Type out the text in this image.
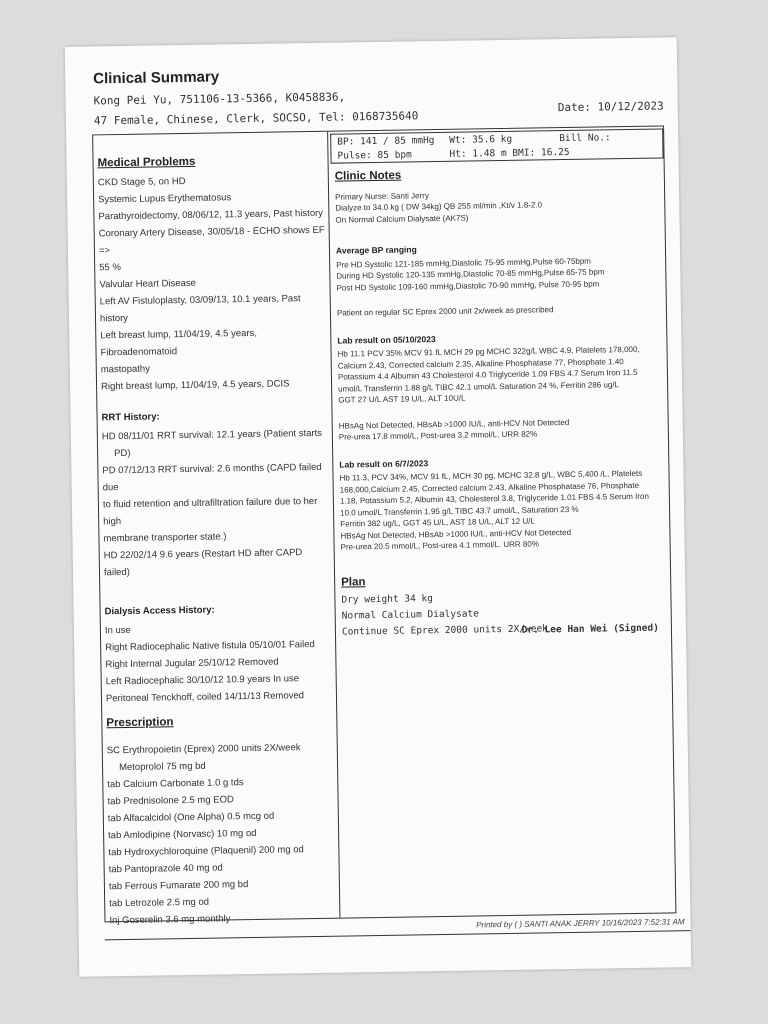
Clinical Summary
Kong Pei Yu, 751106-13-5366, K0458836,
47 Female, Chinese, Clerk, SOCSO, Tel: 0168735640
Date: 10/12/2023
Medical Problems
CKD Stage 5, on HD
Systemic Lupus Erythematosus
Parathyroidectomy, 08/06/12, 11.3 years, Past history
Coronary Artery Disease, 30/05/18 - ECHO shows EF =>
55 %
Valvular Heart Disease
Left AV Fistuloplasty, 03/09/13, 10.1 years, Past history
Left breast lump, 11/04/19, 4.5 years, Fibroadenomatoid
mastopathy
Right breast lump, 11/04/19, 4.5 years, DCIS
RRT History:
HD 08/11/01 RRT survival: 12.1 years (Patient starts
PD)
PD 07/12/13 RRT survival: 2.6 months (CAPD failed due
to fluid retention and ultrafiltration failure due to her high
membrane transporter state.)
HD 22/02/14 9.6 years (Restart HD after CAPD failed)
Dialysis Access History:
In use
Right Radiocephalic Native fistula 05/10/01 Failed
Right Internal Jugular 25/10/12 Removed
Left Radiocephalic 30/10/12 10.9 years In use
Peritoneal Tenckhoff, coiled 14/11/13 Removed
Prescription
SC Erythropoietin (Eprex) 2000 units 2X/week
Metoprolol 75 mg bd
tab Calcium Carbonate 1.0 g tds
tab Prednisolone 2.5 mg EOD
tab Alfacalcidol (One Alpha) 0.5 mcg od
tab Amlodipine (Norvasc) 10 mg od
tab Hydroxychloroquine (Plaquenil) 200 mg od
tab Pantoprazole 40 mg od
tab Ferrous Fumarate 200 mg bd
tab Letrozole 2.5 mg od
Inj Goserelin 3.6 mg monthly
BP: 141 / 85 mmHg Wt: 35.6 kg	Bill No.:
Pulse: 85 bpm	Ht: 1.48 m BMI: 16.25
Clinic Notes

Primary Nurse: Santi Jerry

Dialyze to 34.0 kg ( DW 34kg) QB 255 ml/min ,Kt/v 1.8-2.0

On Normal Calcium Dialysate (AK7S)

Average BP ranging

Pre HD Systolic 121-185 mmHg,Diastolic 75-95 mmHg,Pulse 60-75bpm

During HD Systolic 120-135 mmHg,Diastolic 70-85 mmHg,Pulse 65-75 bpm

Post HD Systolic 109-160 mmHg,Diastolic 70-90 mmHg, Pulse 70-95 bpm

Patient on regular SC Eprex 2000 unit 2x/week as prescribed

Lab result on 05/10/2023

Hb 11.1 PCV 35% MCV 91 fL MCH 29 pg MCHC 322g/L WBC 4.9, Platelets 178,000,

Calcium 2.43, Corrected calcium 2.35, Alkaline Phosphatase 77, Phosphate 1.40

Potassium 4.4 Albumin 43 Cholesterol 4.0 Triglyceride 1.09 FBS 4.7 Serum Iron 11.5

umol/L Transferrin 1.88 g/L TIBC 42.1 umol/L Saturation 24 %, Ferritin 286 ug/L

GGT 27 U/L AST 19 U/L, ALT 10U/L

HBsAg Not Detected, HBsAb >1000 IU/L, anti-HCV Not Detected

Pre-urea 17.8 mmol/L, Post-urea 3.2 mmol/L. URR 82%

Lab result on 6/7/2023

Hb 11.3, PCV 34%, MCV 91 fL, MCH 30 pg, MCHC 32.8 g/L, WBC 5,400 /L, Platelets

168,000,Calcium 2.45, Corrected calcium 2.43, Alkaline Phosphatase 76, Phosphate

1.18, Potassium 5.2, Albumin 43, Cholesterol 3.8, Triglyceride 1.01 FBS 4.5 Serum Iron

10.0 umol/L Transferrin 1.95 g/L TIBC 43.7 umol/L, Saturation 23 %

Ferritin 382 ug/L, GGT 45 U/L, AST 18 U/L, ALT 12 U/L

HBsAg Not Detected, HBsAb >1000 IU/L, anti-HCV Not Detected

Pre-urea 20.5 mmol/L, Post-urea 4.1 mmol/L. URR 80%

Plan
Dry weight 34 kg
Normal Calcium Dialysate
Continue SC Eprex 2000 units 2X/week
Dr. Lee Han Wei (Signed)
Printed by ( ) SANTI ANAK JERRY 10/16/2023 7:52:31 AM
